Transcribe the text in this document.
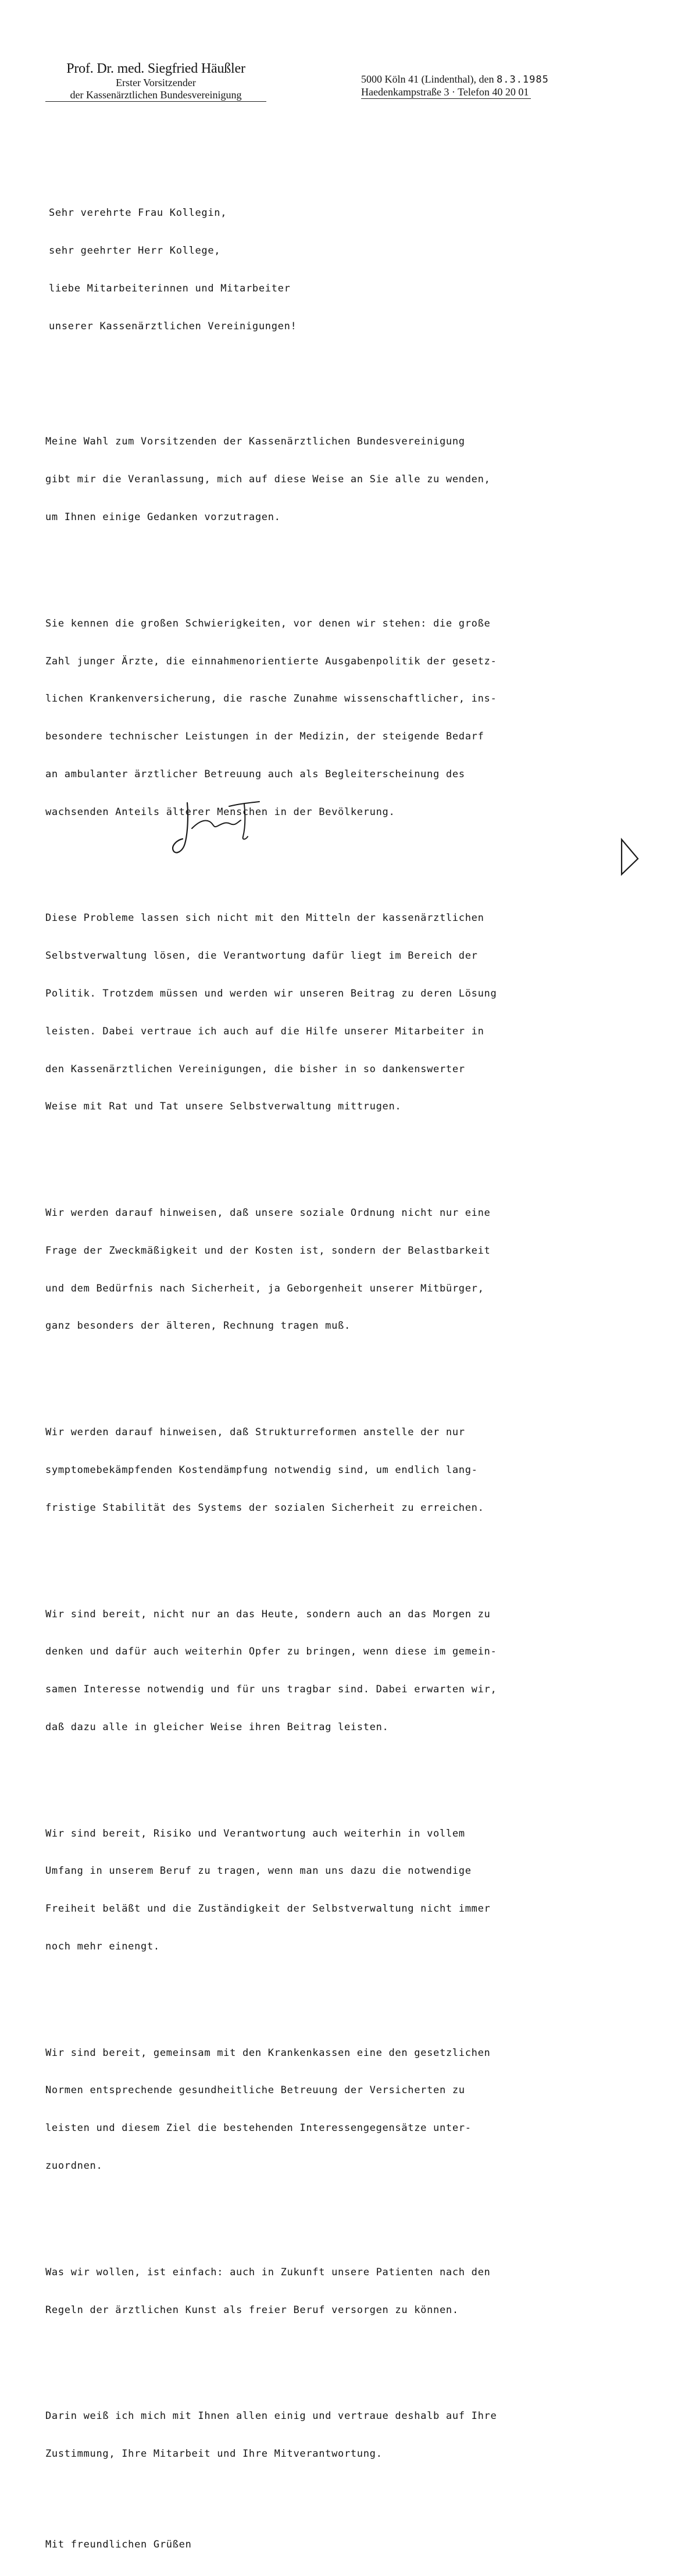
Prof. Dr. med. Siegfried Häußler
Erster Vorsitzender
der Kassenärztlichen Bundesvereinigung
5000 Köln 41 (Lindenthal), den 8.3.1985
Haedenkampstraße 3 · Telefon 40 20 01

Sehr verehrte Frau Kollegin,

sehr geehrter Herr Kollege,

liebe Mitarbeiterinnen und Mitarbeiter

unserer Kassenärztlichen Vereinigungen!

Meine Wahl zum Vorsitzenden der Kassenärztlichen Bundesvereinigung

gibt mir die Veranlassung, mich auf diese Weise an Sie alle zu wenden,

um Ihnen einige Gedanken vorzutragen.

Sie kennen die großen Schwierigkeiten, vor denen wir stehen: die große

Zahl junger Ärzte, die einnahmenorientierte Ausgabenpolitik der gesetz-

lichen Krankenversicherung, die rasche Zunahme wissenschaftlicher, ins-

besondere technischer Leistungen in der Medizin, der steigende Bedarf

an ambulanter ärztlicher Betreuung auch als Begleiterscheinung des

wachsenden Anteils älterer Menschen in der Bevölkerung.

Diese Probleme lassen sich nicht mit den Mitteln der kassenärztlichen

Selbstverwaltung lösen, die Verantwortung dafür liegt im Bereich der

Politik. Trotzdem müssen und werden wir unseren Beitrag zu deren Lösung

leisten. Dabei vertraue ich auch auf die Hilfe unserer Mitarbeiter in

den Kassenärztlichen Vereinigungen, die bisher in so dankenswerter

Weise mit Rat und Tat unsere Selbstverwaltung mittrugen.

Wir werden darauf hinweisen, daß unsere soziale Ordnung nicht nur eine

Frage der Zweckmäßigkeit und der Kosten ist, sondern der Belastbarkeit

und dem Bedürfnis nach Sicherheit, ja Geborgenheit unserer Mitbürger,

ganz besonders der älteren, Rechnung tragen muß.

Wir werden darauf hinweisen, daß Strukturreformen anstelle der nur

symptomebekämpfenden Kostendämpfung notwendig sind, um endlich lang-

fristige Stabilität des Systems der sozialen Sicherheit zu erreichen.

Wir sind bereit, nicht nur an das Heute, sondern auch an das Morgen zu

denken und dafür auch weiterhin Opfer zu bringen, wenn diese im gemein-

samen Interesse notwendig und für uns tragbar sind. Dabei erwarten wir,

daß dazu alle in gleicher Weise ihren Beitrag leisten.

Wir sind bereit, Risiko und Verantwortung auch weiterhin in vollem

Umfang in unserem Beruf zu tragen, wenn man uns dazu die notwendige

Freiheit beläßt und die Zuständigkeit der Selbstverwaltung nicht immer

noch mehr einengt.

Wir sind bereit, gemeinsam mit den Krankenkassen eine den gesetzlichen

Normen entsprechende gesundheitliche Betreuung der Versicherten zu

leisten und diesem Ziel die bestehenden Interessengegensätze unter-

zuordnen.

Was wir wollen, ist einfach: auch in Zukunft unsere Patienten nach den

Regeln der ärztlichen Kunst als freier Beruf versorgen zu können.

Darin weiß ich mich mit Ihnen allen einig und vertraue deshalb auf Ihre

Zustimmung, Ihre Mitarbeit und Ihre Mitverantwortung.

Mit freundlichen Grüßen
